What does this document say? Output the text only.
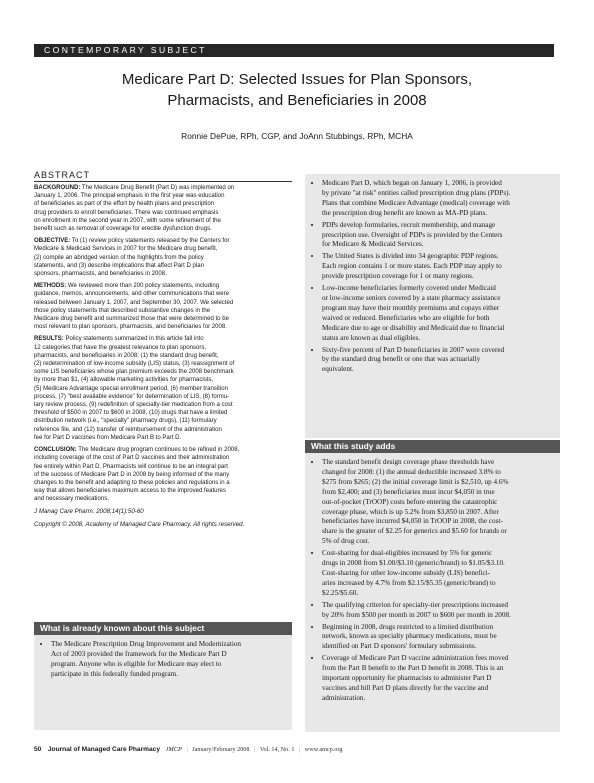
CONTEMPORARY SUBJECT
Medicare Part D: Selected Issues for Plan Sponsors,
Pharmacists, and Beneficiaries in 2008
Ronnie DePue, RPh, CGP, and JoAnn Stubbings, RPh, MCHA
ABSTRACT

BACKGROUND: The Medicare Drug Benefit (Part D) was implemented on
January 1, 2006. The principal emphasis in the first year was education
of beneficiaries as part of the effort by health plans and prescription
drug providers to enroll beneficiaries. There was continued emphasis
on enrollment in the second year in 2007, with some refinement of the
benefit such as removal of coverage for erectile dysfunction drugs.

OBJECTIVE: To (1) review policy statements released by the Centers for
Medicare & Medicaid Services in 2007 for the Medicare drug benefit,
(2) compile an abridged version of the highlights from the policy
statements, and (3) describe implications that affect Part D plan
sponsors, pharmacists, and beneficiaries in 2008.

METHODS: We reviewed more than 200 policy statements, including
guidance, memos, announcements, and other communications that were
released between January 1, 2007, and September 30, 2007. We selected
those policy statements that described substantive changes in the
Medicare drug benefit and summarized those that were determined to be
most relevant to plan sponsors, pharmacists, and beneficiaries for 2008.

RESULTS: Policy statements summarized in this article fall into
12 categories that have the greatest relevance to plan sponsors,
pharmacists, and beneficiaries in 2008: (1) the standard drug benefit,
(2) redetermination of low-income subsidy (LIS) status, (3) reassignment of
some LIS beneficiaries whose plan premium exceeds the 2008 benchmark
by more than $1, (4) allowable marketing activities for pharmacists,
(5) Medicare Advantage special enrollment period, (6) member transition
process, (7) "best available evidence" for determination of LIS, (8) formu-
lary review process, (9) redefinition of specialty-tier medication from a cost
threshold of $500 in 2007 to $600 in 2008, (10) drugs that have a limited
distribution network (i.e., "specialty" pharmacy drugs), (11) formulary
reference file, and (12) transfer of reimbursement of the administration
fee for Part D vaccines from Medicare Part B to Part D.

CONCLUSION: The Medicare drug program continues to be refined in 2008,
including coverage of the cost of Part D vaccines and their administration
fee entirely within Part D. Pharmacists will continue to be an integral part
of the success of Medicare Part D in 2008 by being informed of the many
changes to the benefit and adapting to these policies and regulations in a
way that allows beneficiaries maximum access to the improved features
and necessary medications.

J Manag Care Pharm. 2008;14(1):50-60
Copyright © 2008, Academy of Managed Care Pharmacy. All rights reserved.
What is already known about this subject
• The Medicare Prescription Drug Improvement and Modernization
Act of 2003 provided the framework for the Medicare Part D
program. Anyone who is eligible for Medicare may elect to
participate in this federally funded program.
• Medicare Part D, which began on January 1, 2006, is provided
by private "at risk" entities called prescription drug plans (PDPs).
Plans that combine Medicare Advantage (medical) coverage with
the prescription drug benefit are known as MA-PD plans.
• PDPs develop formularies, recruit membership, and manage
prescription use. Oversight of PDPs is provided by the Centers
for Medicare & Medicaid Services.
• The United States is divided into 34 geographic PDP regions.
Each region contains 1 or more states. Each PDP may apply to
provide prescription coverage for 1 or many regions.
• Low-income beneficiaries formerly covered under Medicaid
or low-income seniors covered by a state pharmacy assistance
program may have their monthly premiums and copays either
waived or reduced. Beneficiaries who are eligible for both
Medicare due to age or disability and Medicaid due to financial
status are known as dual eligibles.
• Sixty-five percent of Part D beneficiaries in 2007 were covered
by the standard drug benefit or one that was actuarially
equivalent.
What this study adds
• The standard benefit design coverage phase thresholds have
changed for 2008: (1) the annual deductible increased 3.8% to
$275 from $265; (2) the initial coverage limit is $2,510, up 4.6%
from $2,400; and (3) beneficiaries must incur $4,050 in true
out-of-pocket (TrOOP) costs before entering the catastrophic
coverage phase, which is up 5.2% from $3,850 in 2007. After
beneficiaries have incurred $4,050 in TrOOP in 2008, the cost-
share is the greater of $2.25 for generics and $5.60 for brands or
5% of drug cost.
• Cost-sharing for dual-eligibles increased by 5% for generic
drugs in 2008 from $1.00/$3.10 (generic/brand) to $1.05/$3.10.
Cost-sharing for other low-income subsidy (LIS) benefici-
aries increased by 4.7% from $2.15/$5.35 (generic/brand) to
$2.25/$5.60.
• The qualifying criterion for specialty-tier prescriptions increased
by 20% from $500 per month in 2007 to $600 per month in 2008.
• Beginning in 2008, drugs restricted to a limited distribution
network, known as specialty pharmacy medications, must be
identified on Part D sponsors' formulary submissions.
• Coverage of Medicare Part D vaccine administration fees moved
from the Part B benefit to the Part D benefit in 2008. This is an
important opportunity for pharmacists to administer Part D
vaccines and bill Part D plans directly for the vaccine and
administration.
50 Journal of Managed Care Pharmacy JMCP | January/February 2008 | Vol. 14, No. 1 | www.amcp.org
